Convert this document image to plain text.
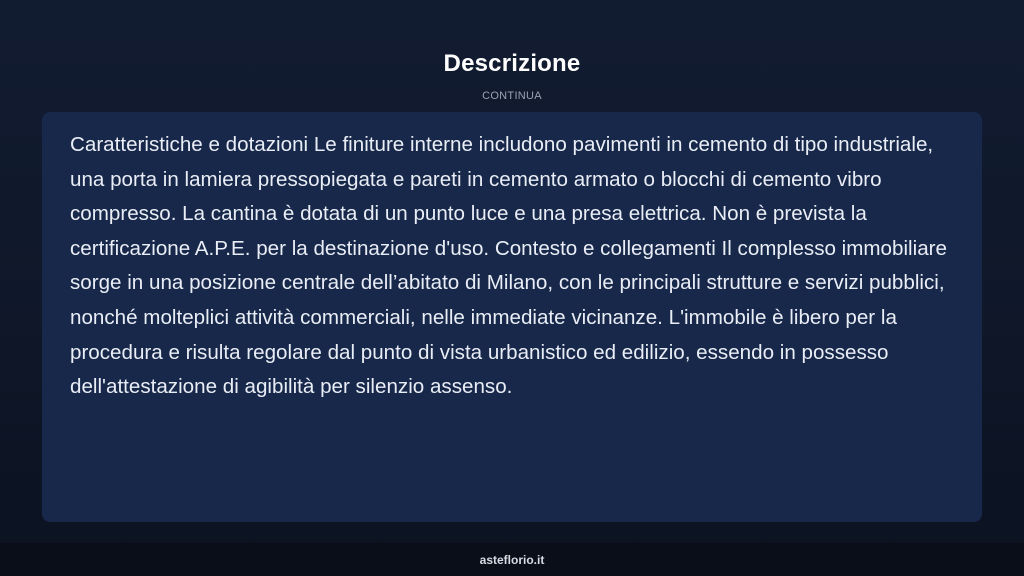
Descrizione
CONTINUA

Caratteristiche e dotazioni Le finiture interne includono pavimenti in cemento di tipo industriale, una porta in lamiera pressopiegata e pareti in cemento armato o blocchi di cemento vibro compresso. La cantina è dotata di un punto luce e una presa elettrica. Non è prevista la certificazione A.P.E. per la destinazione d'uso. Contesto e collegamenti Il complesso immobiliare sorge in una posizione centrale dell’abitato di Milano, con le principali strutture e servizi pubblici, nonché molteplici attività commerciali, nelle immediate vicinanze. L'immobile è libero per la procedura e risulta regolare dal punto di vista urbanistico ed edilizio, essendo in possesso dell'attestazione di agibilità per silenzio assenso.

asteflorio.it
